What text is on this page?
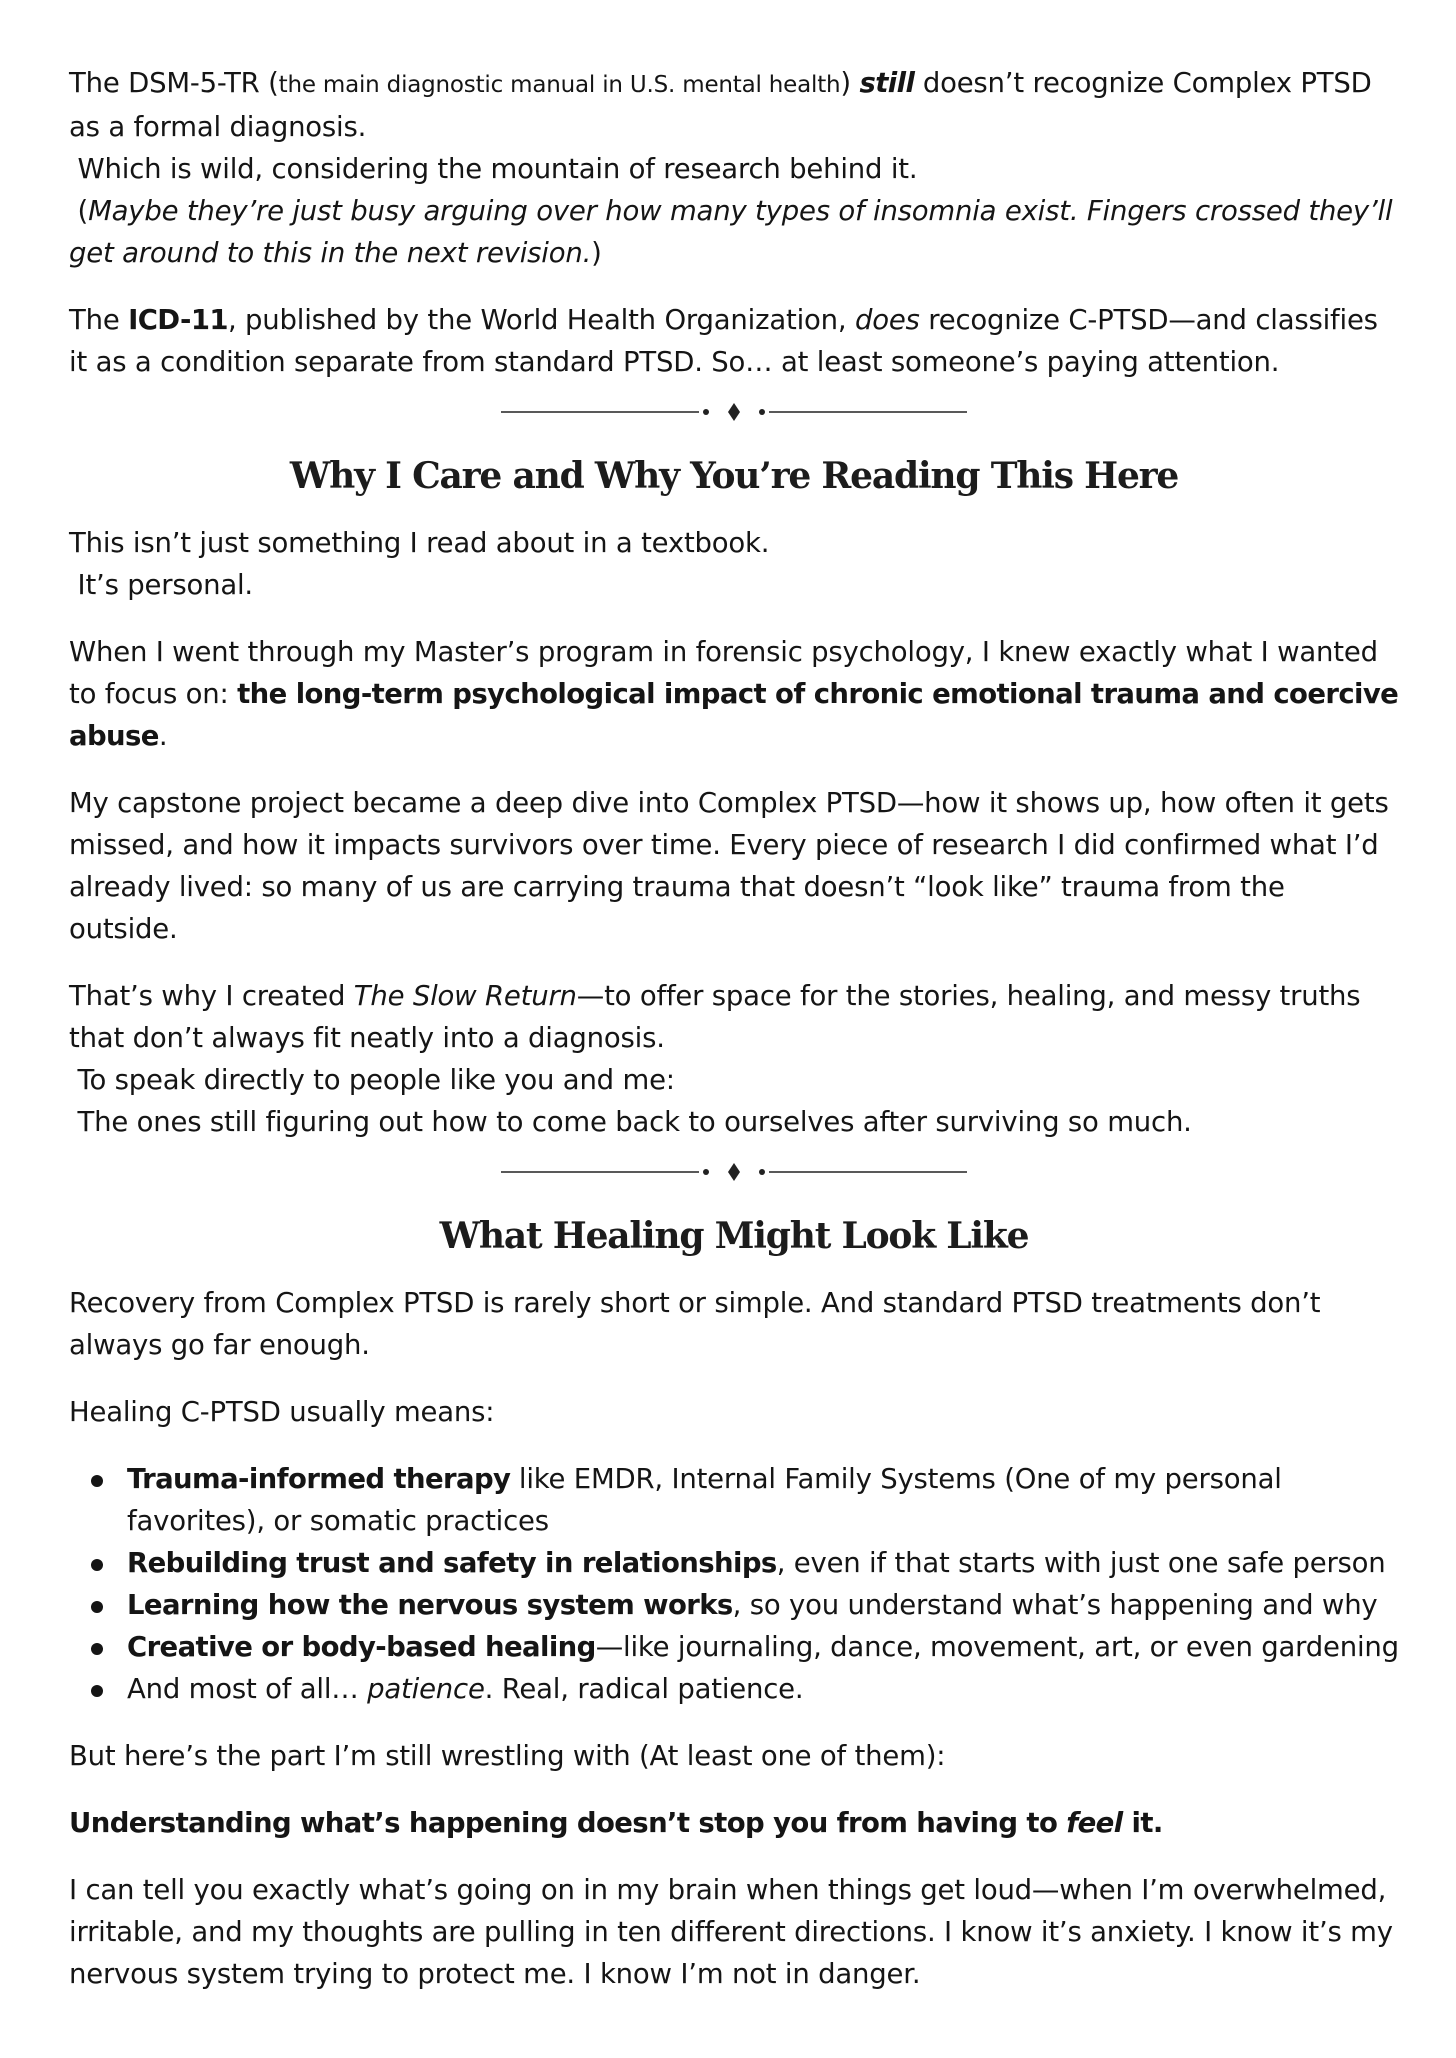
The DSM-5-TR (the main diagnostic manual in U.S. mental health) still doesn’t recognize Complex PTSD as a formal diagnosis.
Which is wild, considering the mountain of research behind it.
(Maybe they’re just busy arguing over how many types of insomnia exist. Fingers crossed they’ll get around to this in the next revision.)

The ICD-11, published by the World Health Organization, does recognize C-PTSD—and classifies it as a condition separate from standard PTSD. So… at least someone’s paying attention.

Why I Care and Why You’re Reading This Here

This isn’t just something I read about in a textbook.
It’s personal.

When I went through my Master’s program in forensic psychology, I knew exactly what I wanted to focus on: the long-term psychological impact of chronic emotional trauma and coercive abuse.

My capstone project became a deep dive into Complex PTSD—how it shows up, how often it gets missed, and how it impacts survivors over time. Every piece of research I did confirmed what I’d already lived: so many of us are carrying trauma that doesn’t “look like” trauma from the outside.

That’s why I created The Slow Return—to offer space for the stories, healing, and messy truths that don’t always fit neatly into a diagnosis.
To speak directly to people like you and me:
The ones still figuring out how to come back to ourselves after surviving so much.

What Healing Might Look Like

Recovery from Complex PTSD is rarely short or simple. And standard PTSD treatments don’t always go far enough.

Healing C-PTSD usually means:

Trauma-informed therapy like EMDR, Internal Family Systems (One of my personal favorites), or somatic practices
Rebuilding trust and safety in relationships, even if that starts with just one safe person
Learning how the nervous system works, so you understand what’s happening and why
Creative or body-based healing—like journaling, dance, movement, art, or even gardening
And most of all… patience. Real, radical patience.

But here’s the part I’m still wrestling with (At least one of them):

Understanding what’s happening doesn’t stop you from having to feel it.

I can tell you exactly what’s going on in my brain when things get loud—when I’m overwhelmed, irritable, and my thoughts are pulling in ten different directions. I know it’s anxiety. I know it’s my nervous system trying to protect me. I know I’m not in danger.
